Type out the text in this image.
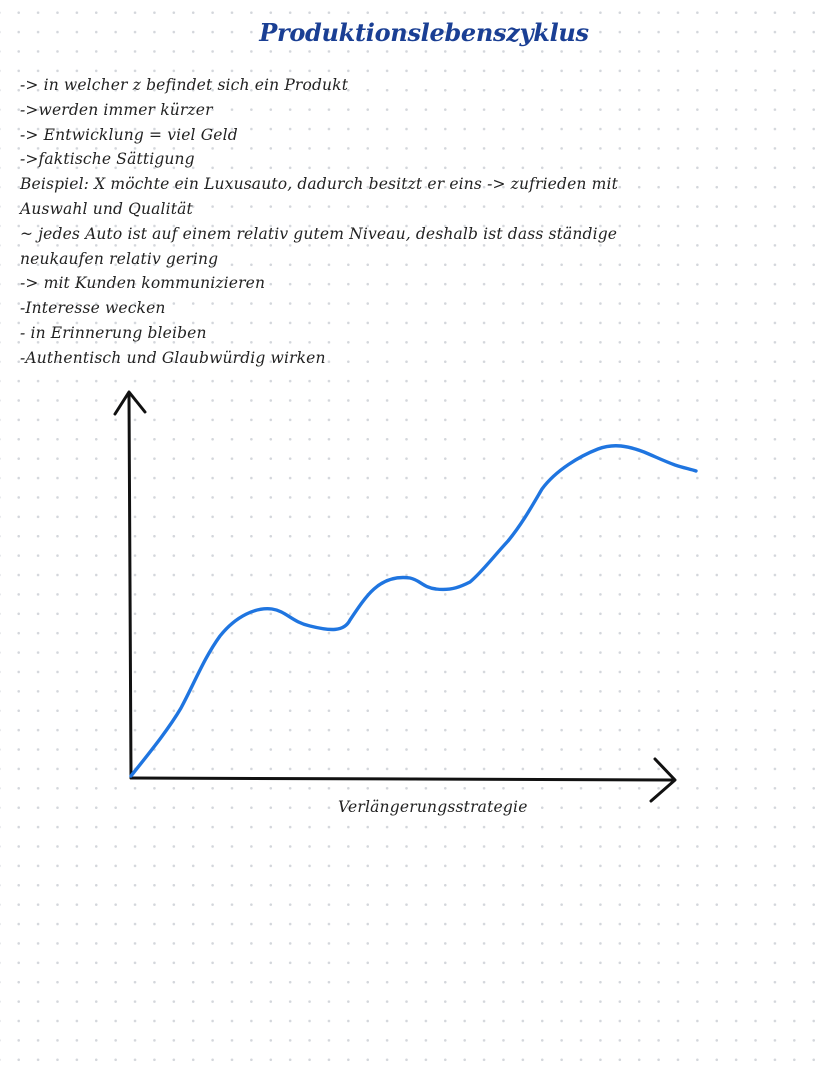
Produktionslebenszyklus
-> in welcher z befindet sich ein Produkt
->werden immer kürzer
-> Entwicklung = viel Geld
->faktische Sättigung
Beispiel: X möchte ein Luxusauto, dadurch besitzt er eins -> zufrieden mit
Auswahl und Qualität
~ jedes Auto ist auf einem relativ gutem Niveau, deshalb ist dass ständige
neukaufen relativ gering
-> mit Kunden kommunizieren
-Interesse wecken
- in Erinnerung bleiben
-Authentisch und Glaubwürdig wirken
Verlängerungsstrategie
